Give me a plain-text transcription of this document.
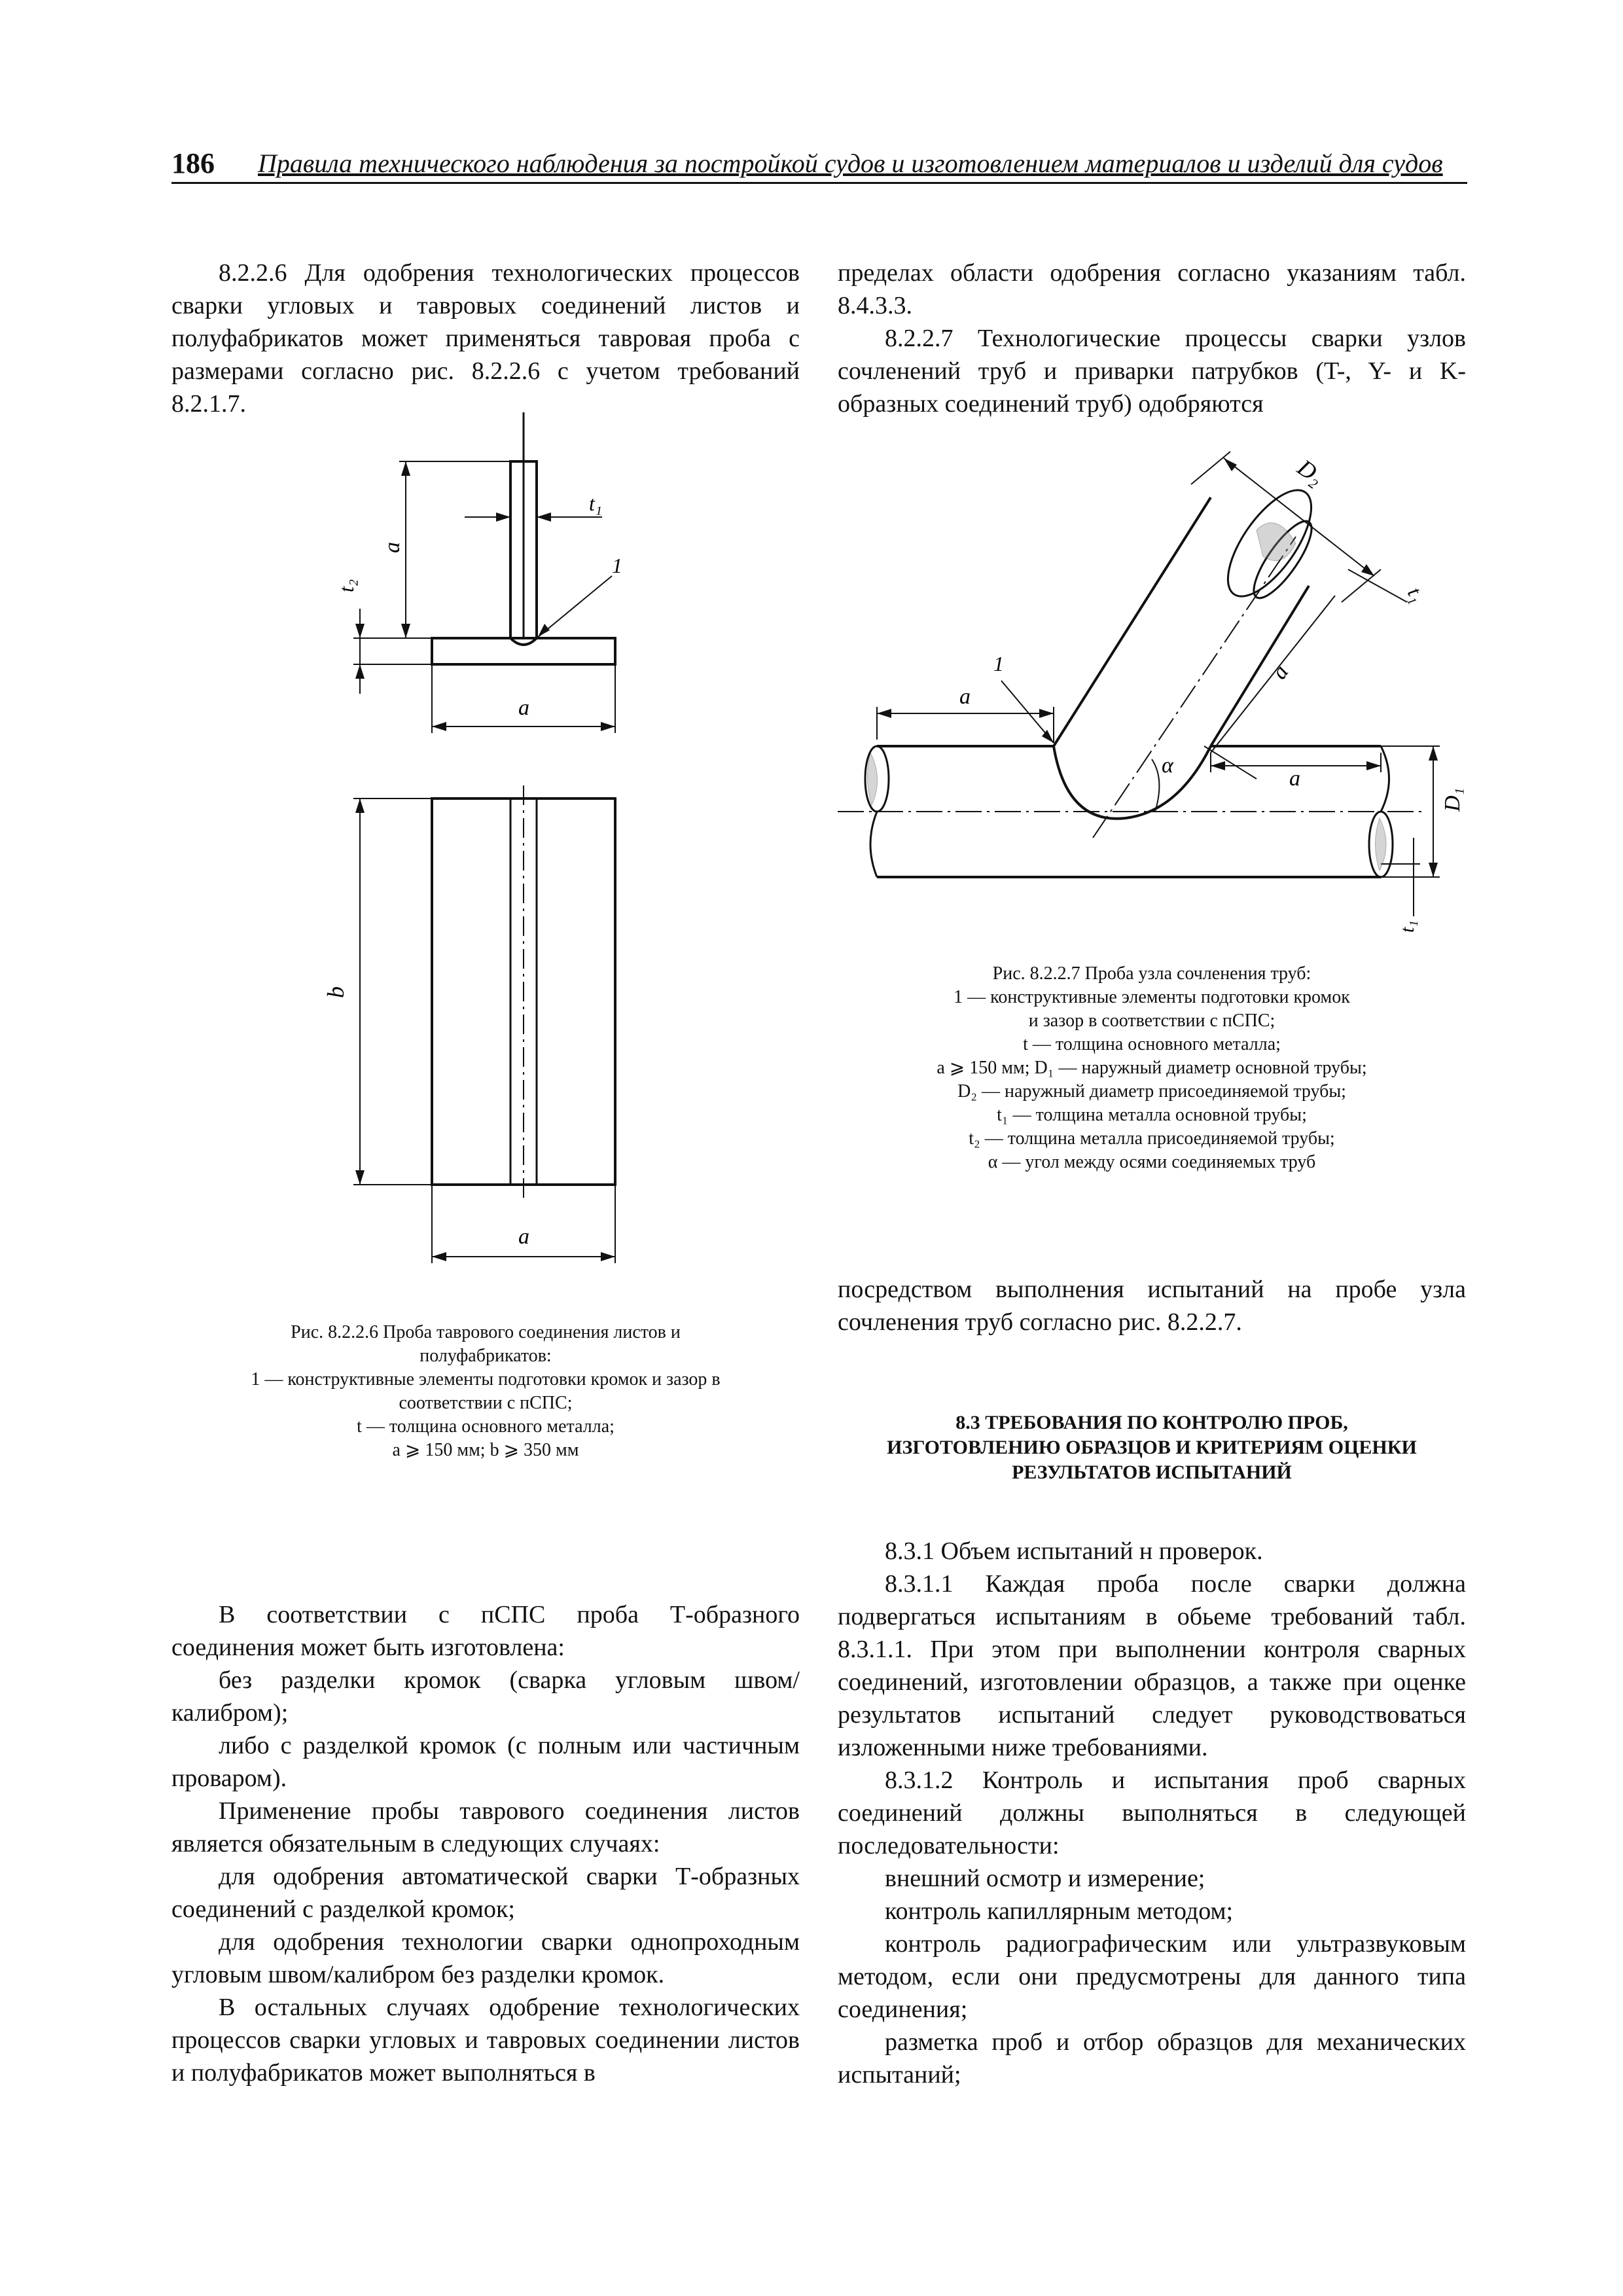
186 Правила технического наблюдения за постройкой судов и изготовлением материалов и изделий для судов

8.2.2.6 Для одобрения технологических процессов сварки угловых и тавровых соединений листов и полуфабрикатов может применяться тавровая проба с размерами согласно рис. 8.2.2.6 с учетом требований 8.2.1.7.

пределах области одобрения согласно указаниям табл. 8.4.3.3.

8.2.2.7 Технологические процессы сварки узлов сочленений труб и приварки патрубков (T-, Y- и K-образных соединений труб) одобряются

a
t₂
t₁
1
a
b
a

Рис. 8.2.2.6 Проба таврового соединения листов и

полуфабрикатов:

1 — конструктивные элементы подготовки кромок и зазор в

соответствии с пСПС;

t — толщина основного металла;

a ⩾ 150 мм; b ⩾ 350 мм

D₂
t₁
1
a
a
a
α
D₁
t₁

Рис. 8.2.2.7 Проба узла сочленения труб:

1 — конструктивные элементы подготовки кромок

и зазор в соответствии с пСПС;

t — толщина основного металла;

a ⩾ 150 мм; D₁ — наружный диаметр основной трубы;

D₂ — наружный диаметр присоединяемой трубы;

t₁ — толщина металла основной трубы;

t₂ — толщина металла присоединяемой трубы;

α — угол между осями соединяемых труб

посредством выполнения испытаний на пробе узла сочленения труб согласно рис. 8.2.2.7.

8.3 ТРЕБОВАНИЯ ПО КОНТРОЛЮ ПРОБ,
ИЗГОТОВЛЕНИЮ ОБРАЗЦОВ И КРИТЕРИЯМ ОЦЕНКИ
РЕЗУЛЬТАТОВ ИСПЫТАНИЙ

В соответствии с пСПС проба Т-образного соединения может быть изготовлена:

без разделки кромок (сварка угловым швом/калибром);

либо с разделкой кромок (с полным или частичным проваром).

Применение пробы таврового соединения листов является обязательным в следующих случаях:

для одобрения автоматической сварки Т-образных соединений с разделкой кромок;

для одобрения технологии сварки однопроходным угловым швом/калибром без разделки кромок.

В остальных случаях одобрение технологических процессов сварки угловых и тавровых соединении листов и полуфабрикатов может выполняться в

8.3.1 Объем испытаний н проверок.

8.3.1.1 Каждая проба после сварки должна подвергаться испытаниям в обьеме требований табл. 8.3.1.1. При этом при выполнении контроля сварных соединений, изготовлении образцов, а также при оценке результатов испытаний следует руководствоваться изложенными ниже требованиями.

8.3.1.2 Контроль и испытания проб сварных соединений должны выполняться в следующей последовательности:

внешний осмотр и измерение;

контроль капиллярным методом;

контроль радиографическим или ультразвуковым методом, если они предусмотрены для данного типа соединения;

разметка проб и отбор образцов для механических испытаний;
